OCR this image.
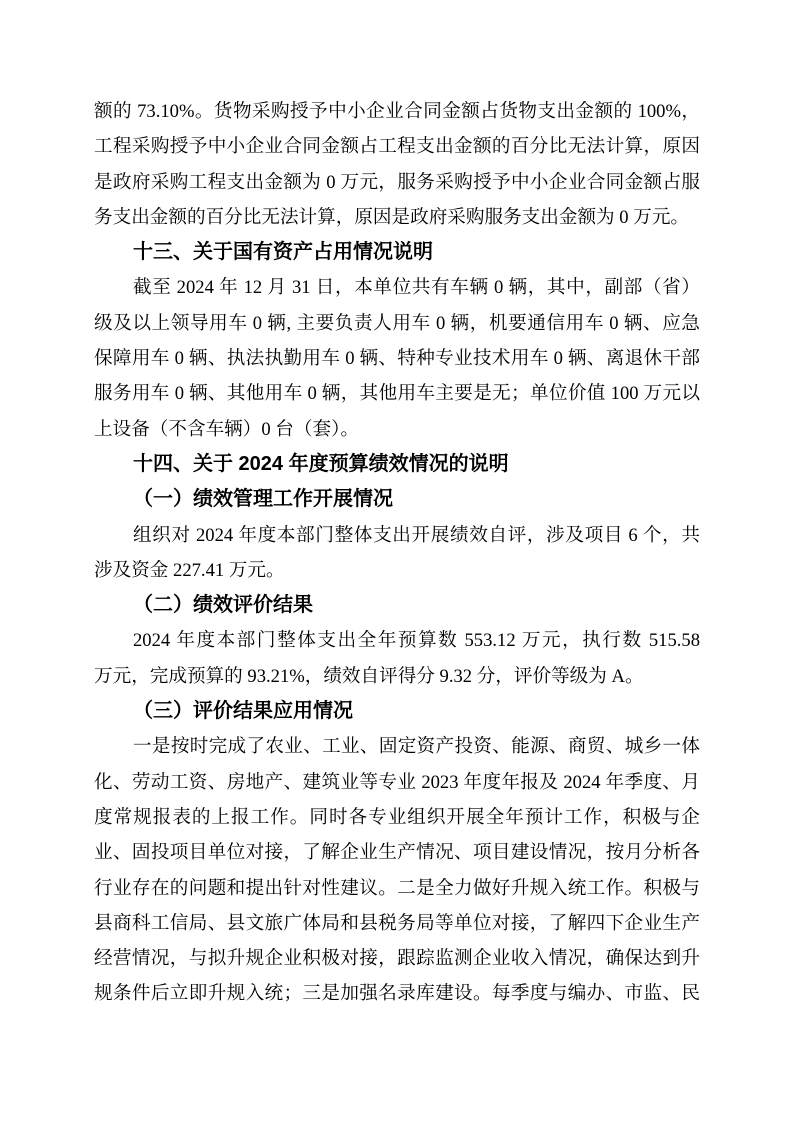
额的 73.10%。货物采购授予中小企业合同金额占货物支出金额的 100%，
工程采购授予中小企业合同金额占工程支出金额的百分比无法计算，原因
是政府采购工程支出金额为 0 万元，服务采购授予中小企业合同金额占服
务支出金额的百分比无法计算，原因是政府采购服务支出金额为 0 万元。
十三、关于国有资产占用情况说明
截至 2024 年 12 月 31 日，本单位共有车辆 0 辆，其中，副部（省）
级及以上领导用车 0 辆, 主要负责人用车 0 辆，机要通信用车 0 辆、应急
保障用车 0 辆、执法执勤用车 0 辆、特种专业技术用车 0 辆、离退休干部
服务用车 0 辆、其他用车 0 辆，其他用车主要是无；单位价值 100 万元以
上设备（不含车辆）0 台（套）。
十四、关于 2024 年度预算绩效情况的说明
（一）绩效管理工作开展情况
组织对 2024 年度本部门整体支出开展绩效自评，涉及项目 6 个，共
涉及资金 227.41 万元。
（二）绩效评价结果
2024 年度本部门整体支出全年预算数 553.12 万元，执行数 515.58
万元，完成预算的 93.21%，绩效自评得分 9.32 分，评价等级为 A。
（三）评价结果应用情况
一是按时完成了农业、工业、固定资产投资、能源、商贸、城乡一体
化、劳动工资、房地产、建筑业等专业 2023 年度年报及 2024 年季度、月
度常规报表的上报工作。同时各专业组织开展全年预计工作，积极与企
业、固投项目单位对接，了解企业生产情况、项目建设情况，按月分析各
行业存在的问题和提出针对性建议。二是全力做好升规入统工作。积极与
县商科工信局、县文旅广体局和县税务局等单位对接，了解四下企业生产
经营情况，与拟升规企业积极对接，跟踪监测企业收入情况，确保达到升
规条件后立即升规入统；三是加强名录库建设。每季度与编办、市监、民
